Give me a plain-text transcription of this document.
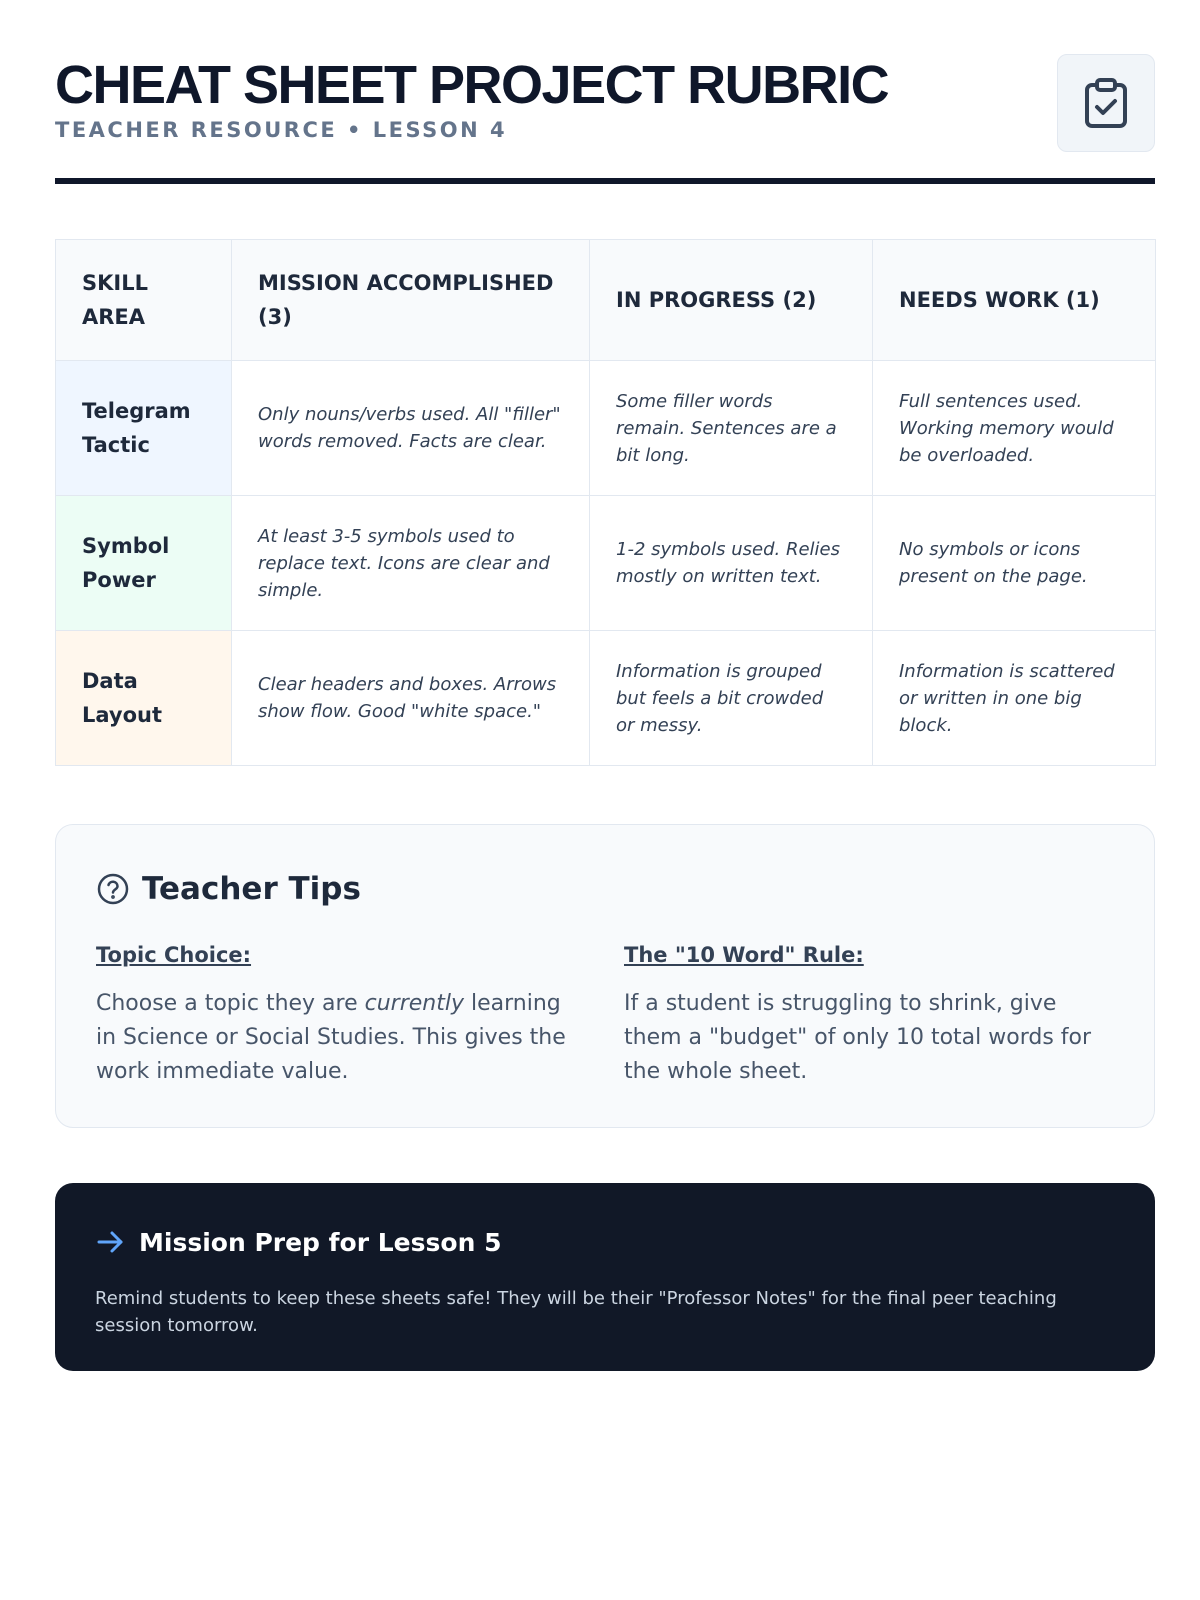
CHEAT SHEET PROJECT RUBRIC
TEACHER RESOURCE • LESSON 4
SKILL AREA	MISSION ACCOMPLISHED (3)	IN PROGRESS (2)	NEEDS WORK (1)
Telegram Tactic	Only nouns/verbs used. All "filler" words removed. Facts are clear.	Some filler words remain. Sentences are a bit long.	Full sentences used. Working memory would be overloaded.
Symbol Power	At least 3-5 symbols used to replace text. Icons are clear and simple.	1-2 symbols used. Relies mostly on written text.	No symbols or icons present on the page.
Data Layout	Clear headers and boxes. Arrows show flow. Good "white space."	Information is grouped but feels a bit crowded or messy.	Information is scattered or written in one big block.
Teacher Tips
Topic Choice:
Choose a topic they are currently learning in Science or Social Studies. This gives the work immediate value.
The "10 Word" Rule:
If a student is struggling to shrink, give them a "budget" of only 10 total words for the whole sheet.
Mission Prep for Lesson 5
Remind students to keep these sheets safe! They will be their "Professor Notes" for the final peer teaching session tomorrow.
